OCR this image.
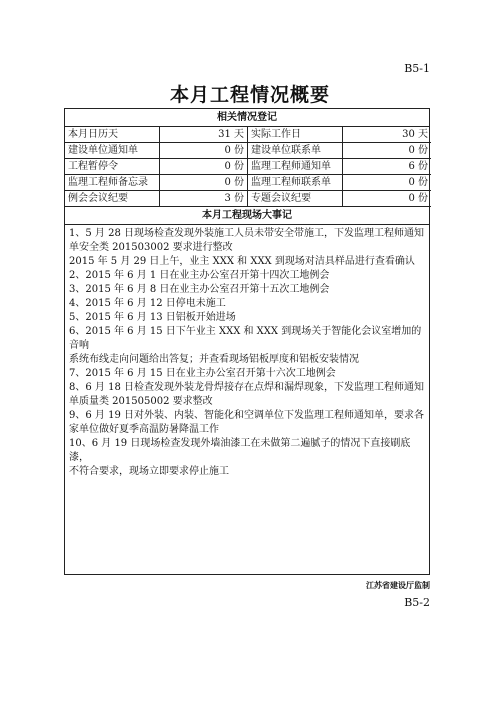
B5-1
本月工程情况概要
相关情况登记
本月日历天	31 天 实际工作日	30 天
建设单位通知单	0 份 建设单位联系单	0 份
工程暂停令	0 份 监理工程师通知单	6 份
监理工程师备忘录	0 份 监理工程师联系单	0 份
例会会议纪要	3 份 专题会议纪要	0 份
本月工程现场大事记
1、5 月 28 日现场检查发现外装施工人员未带安全带施工，下发监理工程师通知
单安全类 201503002 要求进行整改
2015 年 5 月 29 日上午，业主 XXX 和 XXX 到现场对洁具样品进行查看确认
2、2015 年 6 月 1 日在业主办公室召开第十四次工地例会
3、2015 年 6 月 8 日在业主办公室召开第十五次工地例会
4、2015 年 6 月 12 日停电未施工
5、2015 年 6 月 13 日铝板开始进场
6、2015 年 6 月 15 日下午业主 XXX 和 XXX 到现场关于智能化会议室增加的音响
系统布线走向问题给出答复；并查看现场铝板厚度和铝板安装情况
7、2015 年 6 月 15 日在业主办公室召开第十六次工地例会
8、6 月 18 日检查发现外装龙骨焊接存在点焊和漏焊现象，下发监理工程师通知
单质量类 201505002 要求整改
9、6 月 19 日对外装、内装、智能化和空调单位下发监理工程师通知单，要求各
家单位做好夏季高温防暑降温工作
10、6 月 19 日现场检查发现外墙油漆工在未做第二遍腻子的情况下直接刷底漆，
不符合要求，现场立即要求停止施工
江苏省建设厅监制
B5-2
